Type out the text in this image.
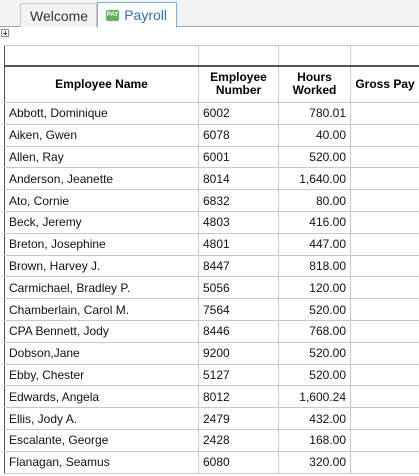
Welcome	PAY Payroll

Employee Name	Employee Number	Hours Worked	Gross Pay
Abbott, Dominique	6002	780.01	
Aiken, Gwen	6078	40.00	
Allen, Ray	6001	520.00	
Anderson, Jeanette	8014	1,640.00	
Ato, Cornie	6832	80.00	
Beck, Jeremy	4803	416.00	
Breton, Josephine	4801	447.00	
Brown, Harvey J.	8447	818.00	
Carmichael, Bradley P.	5056	120.00	
Chamberlain, Carol M.	7564	520.00	
CPA Bennett, Jody	8446	768.00	
Dobson,Jane	9200	520.00	
Ebby, Chester	5127	520.00	
Edwards, Angela	8012	1,600.24	
Ellis, Jody A.	2479	432.00	
Escalante, George	2428	168.00	
Flanagan, Seamus	6080	320.00	
